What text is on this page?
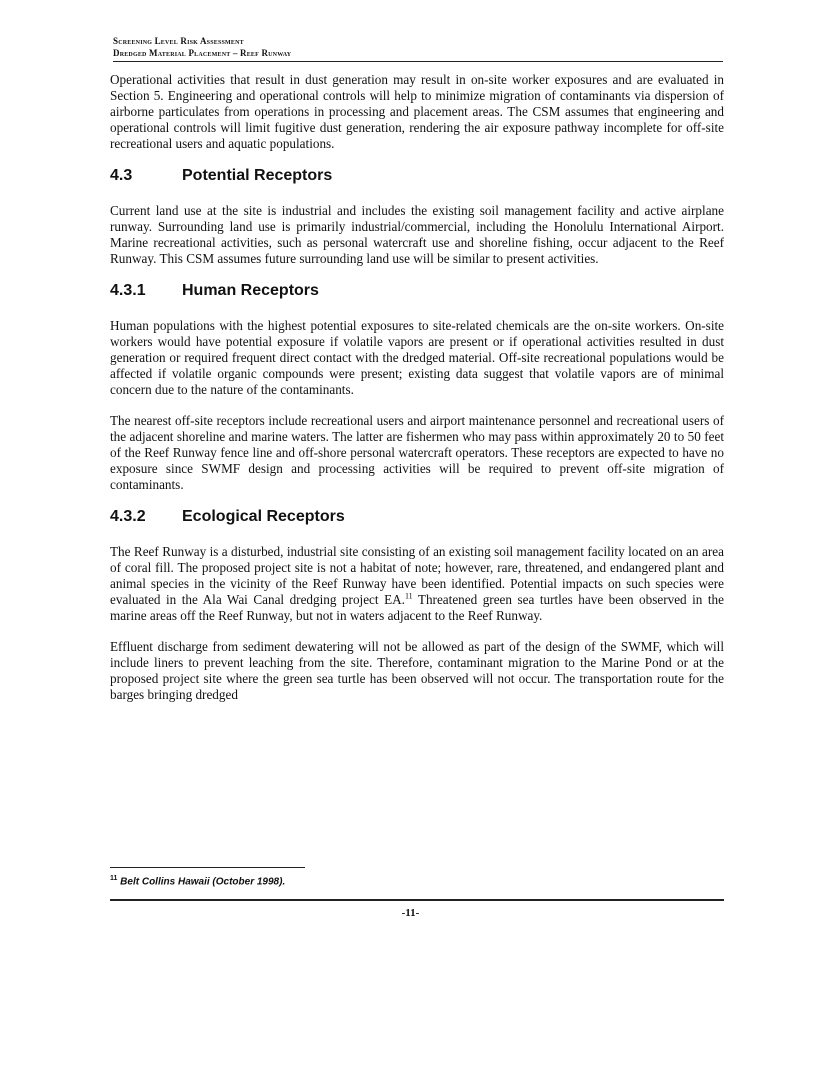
Screening Level Risk Assessment
Dredged Material Placement – Reef Runway

Operational activities that result in dust generation may result in on-site worker exposures and are evaluated in Section 5. Engineering and operational controls will help to minimize migration of contaminants via dispersion of airborne particulates from operations in processing and placement areas. The CSM assumes that engineering and operational controls will limit fugitive dust generation, rendering the air exposure pathway incomplete for off-site recreational users and aquatic populations.

4.3	Potential Receptors

Current land use at the site is industrial and includes the existing soil management facility and active airplane runway. Surrounding land use is primarily industrial/commercial, including the Honolulu International Airport. Marine recreational activities, such as personal watercraft use and shoreline fishing, occur adjacent to the Reef Runway. This CSM assumes future surrounding land use will be similar to present activities.

4.3.1	Human Receptors

Human populations with the highest potential exposures to site-related chemicals are the on-site workers. On-site workers would have potential exposure if volatile vapors are present or if operational activities resulted in dust generation or required frequent direct contact with the dredged material. Off-site recreational populations would be affected if volatile organic compounds were present; existing data suggest that volatile vapors are of minimal concern due to the nature of the contaminants.

The nearest off-site receptors include recreational users and airport maintenance personnel and recreational users of the adjacent shoreline and marine waters. The latter are fishermen who may pass within approximately 20 to 50 feet of the Reef Runway fence line and off-shore personal watercraft operators. These receptors are expected to have no exposure since SWMF design and processing activities will be required to prevent off-site migration of contaminants.

4.3.2	Ecological Receptors

The Reef Runway is a disturbed, industrial site consisting of an existing soil management facility located on an area of coral fill. The proposed project site is not a habitat of note; however, rare, threatened, and endangered plant and animal species in the vicinity of the Reef Runway have been identified. Potential impacts on such species were evaluated in the Ala Wai Canal dredging project EA.$^{11}$ Threatened green sea turtles have been observed in the marine areas off the Reef Runway, but not in waters adjacent to the Reef Runway.

Effluent discharge from sediment dewatering will not be allowed as part of the design of the SWMF, which will include liners to prevent leaching from the site. Therefore, contaminant migration to the Marine Pond or at the proposed project site where the green sea turtle has been observed will not occur. The transportation route for the barges bringing dredged

$^{11}$ Belt Collins Hawaii (October 1998).
-11-
